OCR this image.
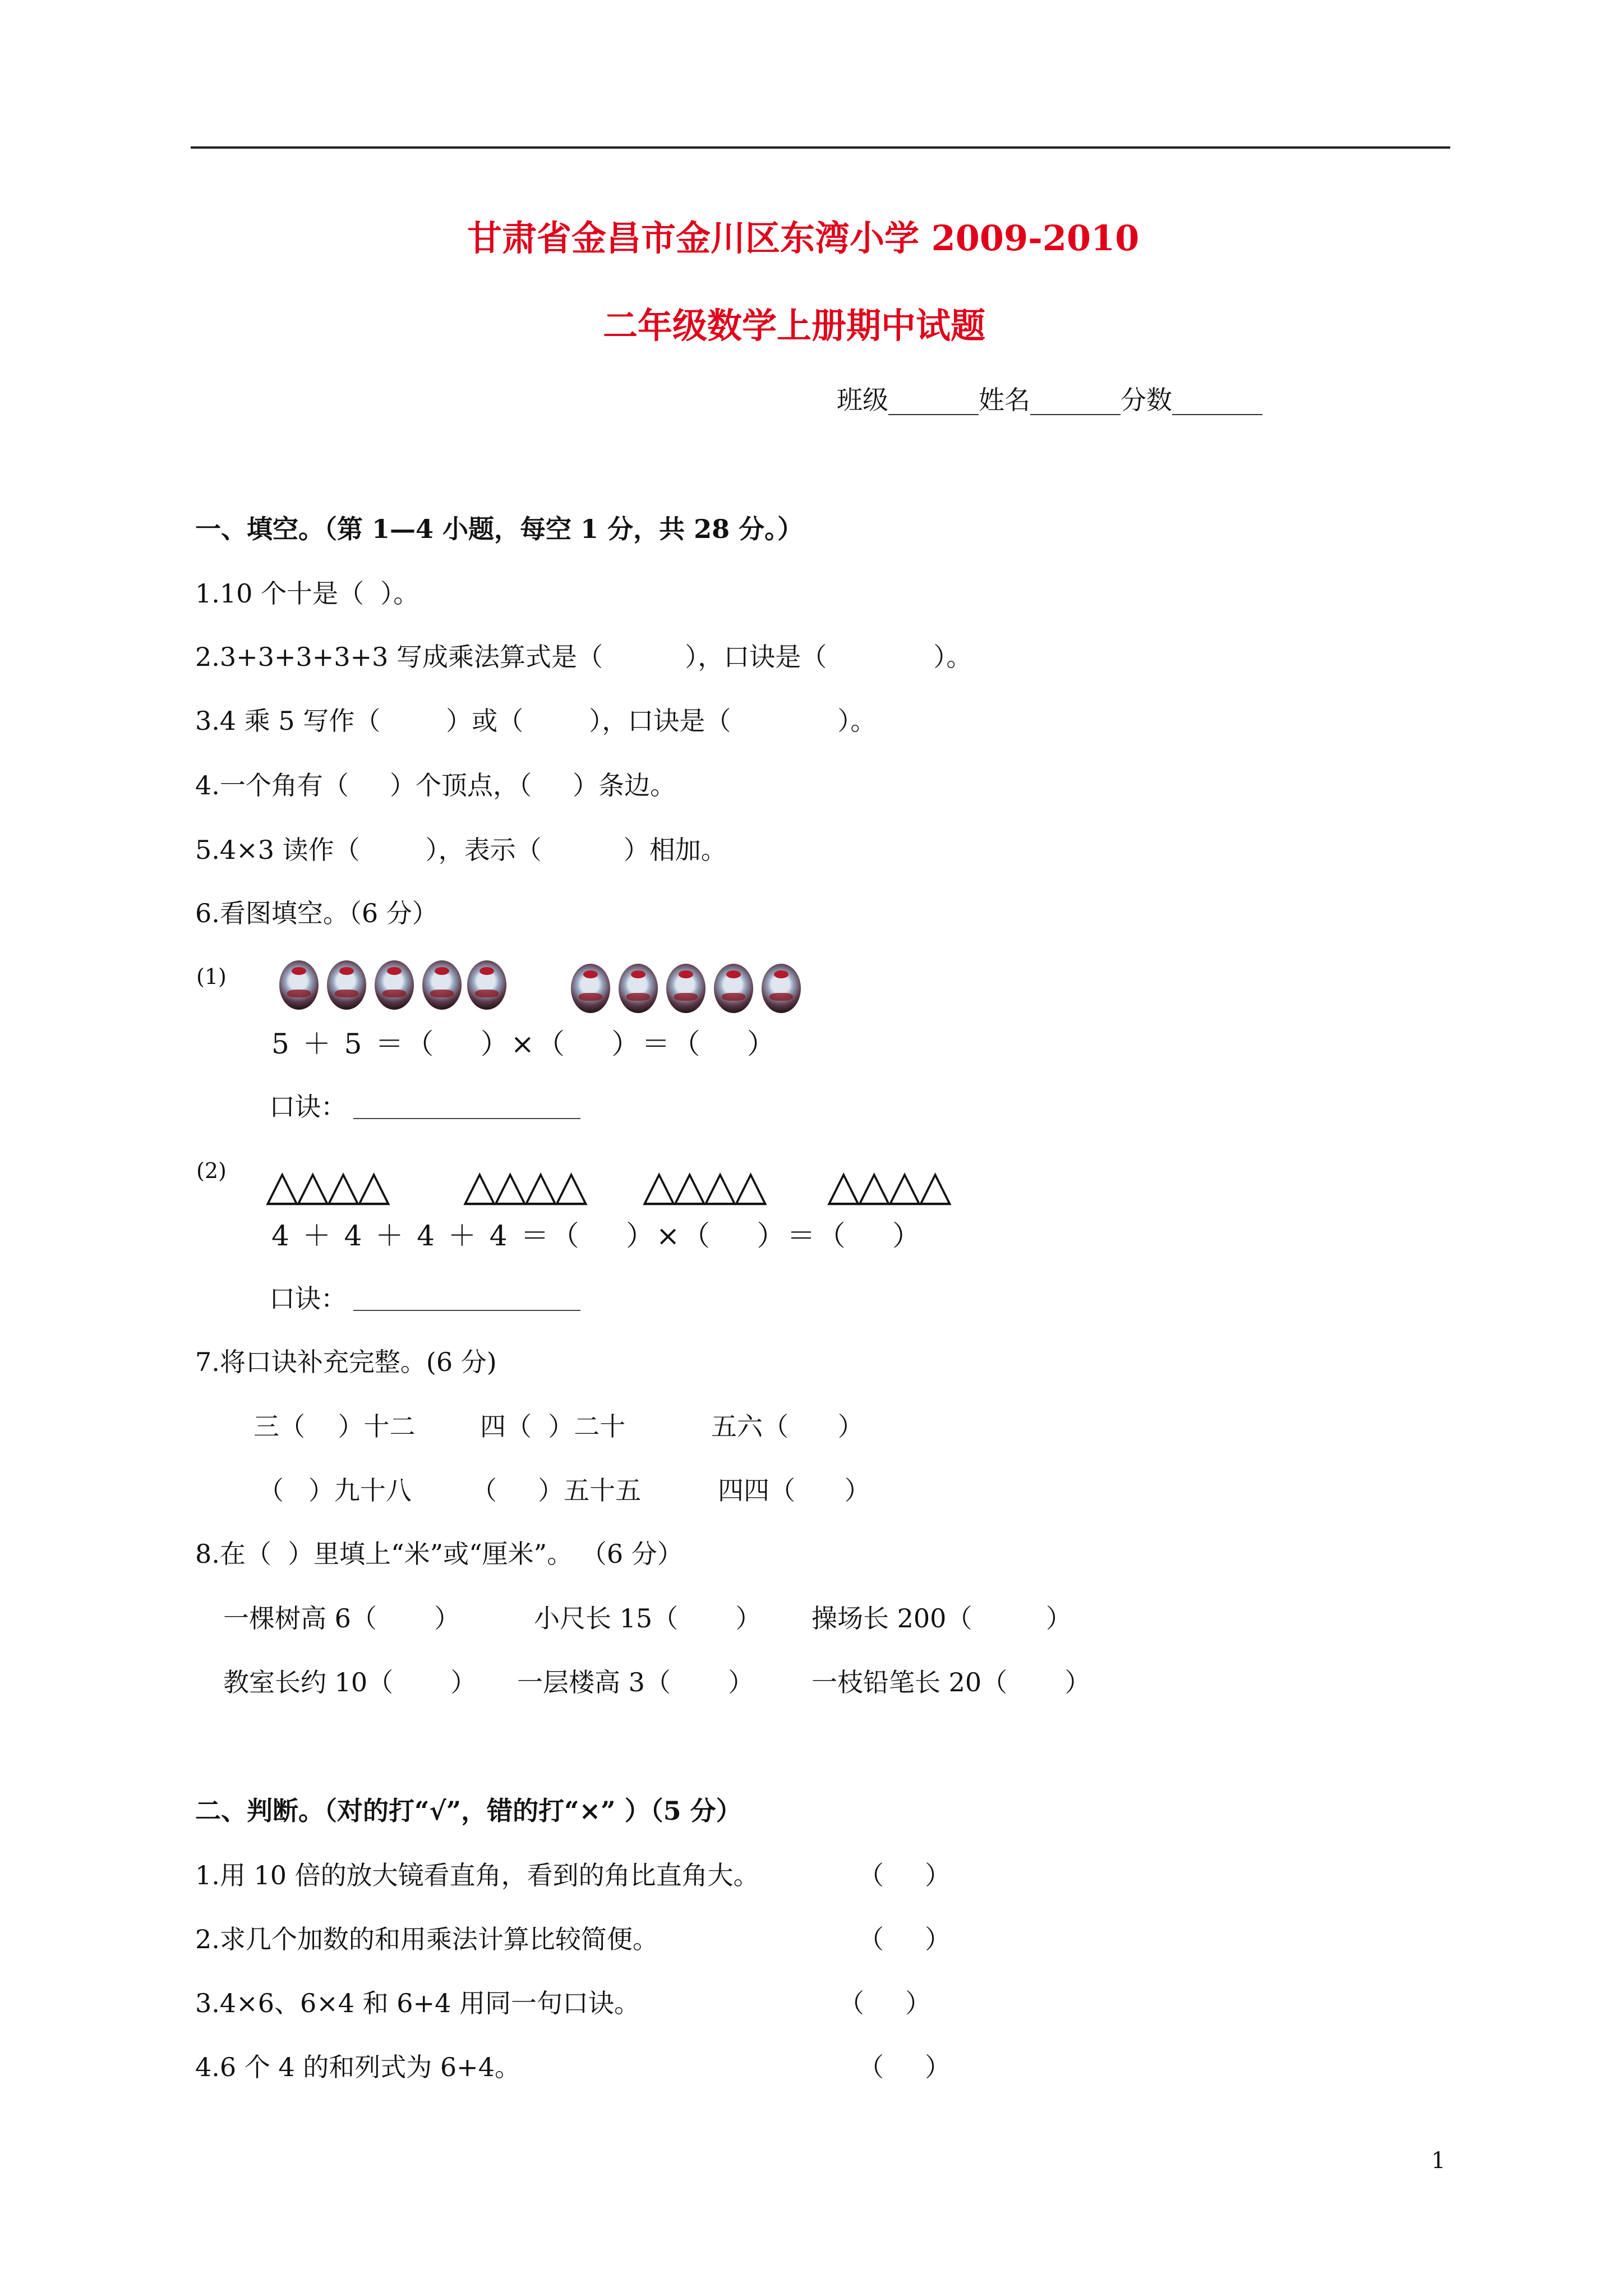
甘肃省金昌市金川区东湾小学 2009-2010
二年级数学上册期中试题
班级_______姓名_______分数_______
一、填空。（第 1—4 小题，每空 1 分，共 28 分。）
1.10 个十是（  ）。
2.3+3+3+3+3 写成乘法算式是（          ），口诀是（             ）。
3.4 乘 5 写作（        ）或（        ），口诀是（             ）。
4.一个角有（     ）个顶点，（     ）条边。
5.4×3 读作（        ），表示（          ）相加。
6.看图填空。（6 分）
(1)
5 ＋ 5 ＝（    ）×（    ）＝（    ）
口诀：
(2) △△△△ △△△△ △△△△ △△△△
4 ＋ 4 ＋ 4 ＋ 4 ＝（    ）×（    ）＝（    ）
口诀：
7.将口诀补充完整。(6 分)
三（    ）十二	四（  ）二十	五六（      ）
（   ）九十八 （     ）五十五	四四（      ）
8.在（  ）里填上“米”或“厘米”。 （6 分）
一棵树高 6（       ）	小尺长 15（       ） 操场长 200（         ）
教室长约 10（       ） 一层楼高 3（       ） 一枝铅笔长 20（       ）
二、判断。（对的打“√”，错的打“×” ）（5 分）
1.用 10 倍的放大镜看直角，看到的角比直角大。	（     ）
2.求几个加数的和用乘法计算比较简便。	（     ）
3.4×6、6×4 和 6+4 用同一句口诀。	（     ）
4.6 个 4 的和列式为 6+4。	（     ）
1
